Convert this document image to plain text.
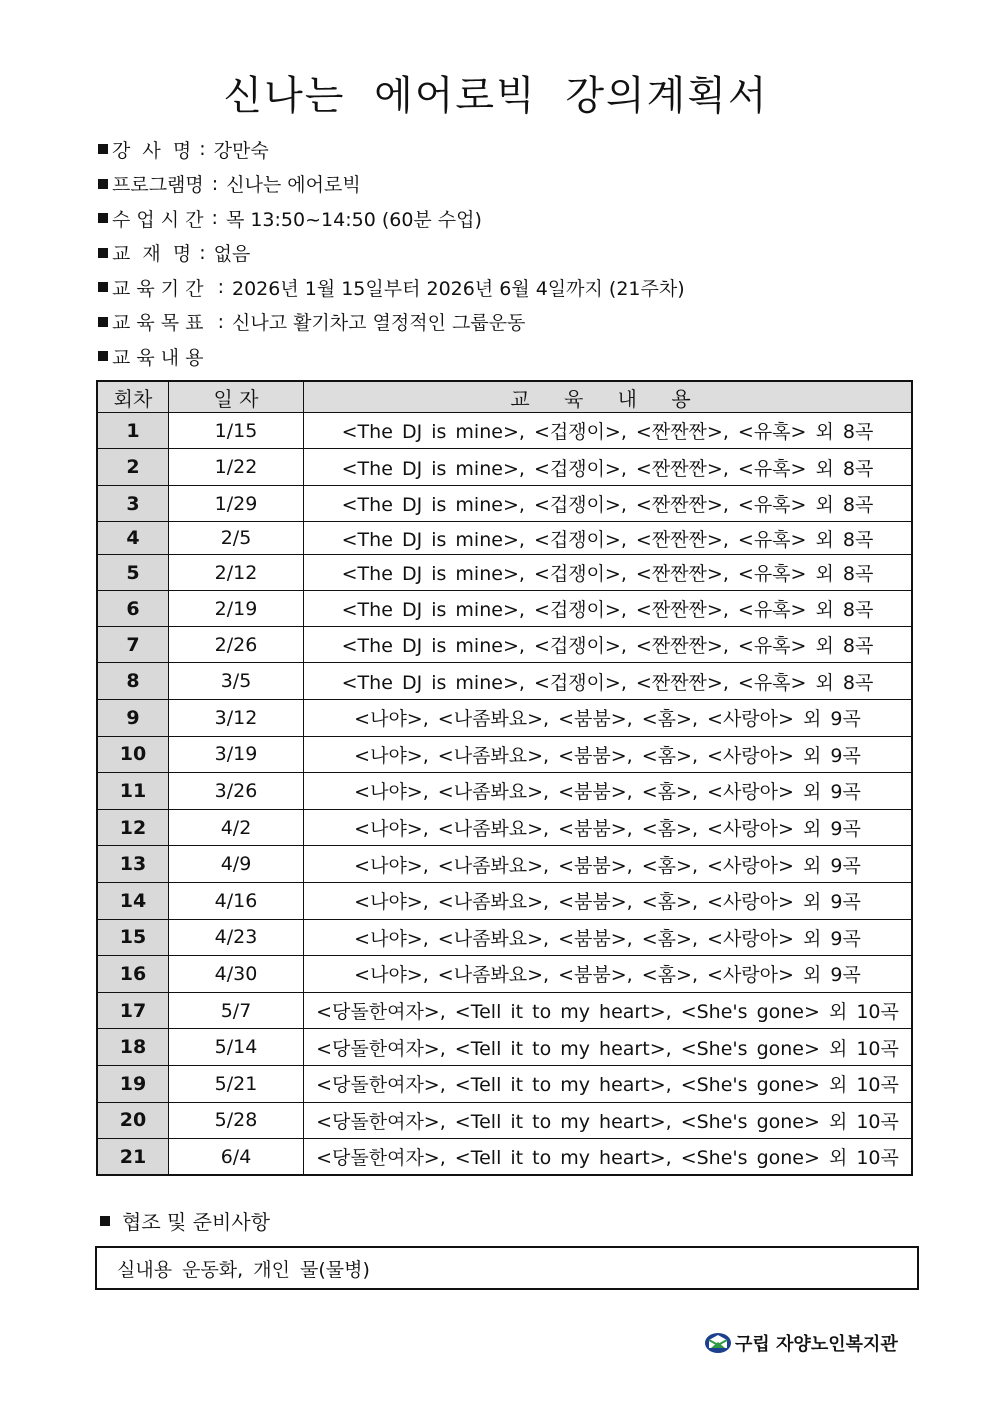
신나는 에어로빅 강의계획서
강  사  명 : 강만숙
프로그램명 : 신나는 에어로빅
수 업 시 간 : 목 13:50~14:50 (60분 수업)
교  재  명 : 없음
교 육 기 간 : 2026년 1월 15일부터 2026년 6월 4일까지 (21주차)
교 육 목 표 : 신나고 활기차고 열정적인 그룹운동
교 육 내 용
회차	일 자	교 육 내 용
1	1/15	<The DJ is mine>, <겁쟁이>, <짠짠짠>, <유혹> 외 8곡
2	1/22	<The DJ is mine>, <겁쟁이>, <짠짠짠>, <유혹> 외 8곡
3	1/29	<The DJ is mine>, <겁쟁이>, <짠짠짠>, <유혹> 외 8곡
4	2/5	<The DJ is mine>, <겁쟁이>, <짠짠짠>, <유혹> 외 8곡
5	2/12	<The DJ is mine>, <겁쟁이>, <짠짠짠>, <유혹> 외 8곡
6	2/19	<The DJ is mine>, <겁쟁이>, <짠짠짠>, <유혹> 외 8곡
7	2/26	<The DJ is mine>, <겁쟁이>, <짠짠짠>, <유혹> 외 8곡
8	3/5	<The DJ is mine>, <겁쟁이>, <짠짠짠>, <유혹> 외 8곡
9	3/12	<나야>, <나좀봐요>, <붐붐>, <홈>, <사랑아> 외 9곡
10	3/19	<나야>, <나좀봐요>, <붐붐>, <홈>, <사랑아> 외 9곡
11	3/26	<나야>, <나좀봐요>, <붐붐>, <홈>, <사랑아> 외 9곡
12	4/2	<나야>, <나좀봐요>, <붐붐>, <홈>, <사랑아> 외 9곡
13	4/9	<나야>, <나좀봐요>, <붐붐>, <홈>, <사랑아> 외 9곡
14	4/16	<나야>, <나좀봐요>, <붐붐>, <홈>, <사랑아> 외 9곡
15	4/23	<나야>, <나좀봐요>, <붐붐>, <홈>, <사랑아> 외 9곡
16	4/30	<나야>, <나좀봐요>, <붐붐>, <홈>, <사랑아> 외 9곡
17	5/7	<당돌한여자>, <Tell it to my heart>, <She's gone> 외 10곡
18	5/14	<당돌한여자>, <Tell it to my heart>, <She's gone> 외 10곡
19	5/21	<당돌한여자>, <Tell it to my heart>, <She's gone> 외 10곡
20	5/28	<당돌한여자>, <Tell it to my heart>, <She's gone> 외 10곡
21	6/4	<당돌한여자>, <Tell it to my heart>, <She's gone> 외 10곡
협조 및 준비사항
실내용 운동화, 개인 물(물병)
구립 자양노인복지관
